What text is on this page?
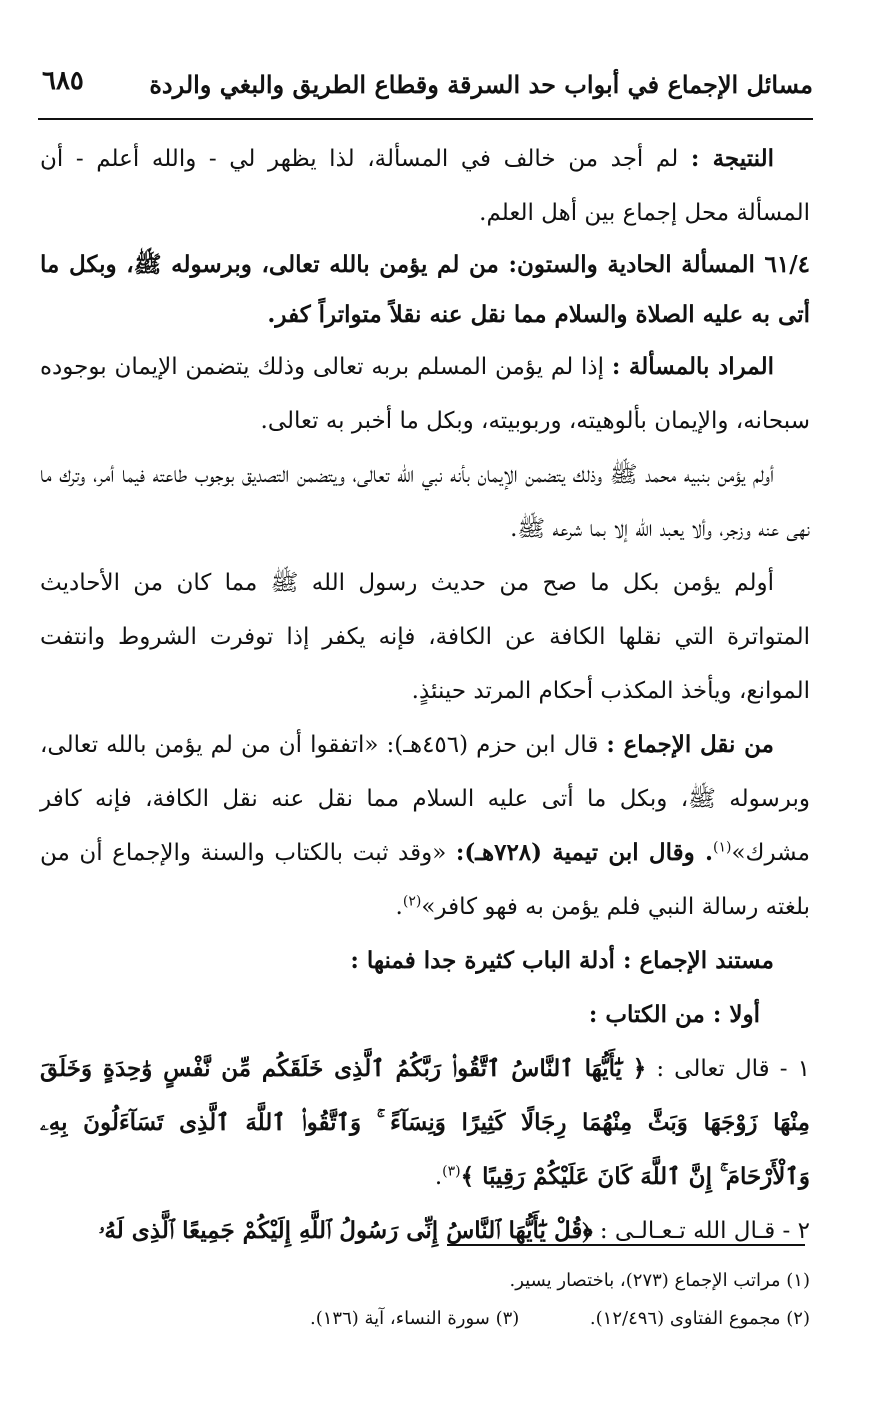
مسائل الإجماع في أبواب حد السرقة وقطاع الطريق والبغي والردة
٦٨٥

النتيجة : لم أجد من خالف في المسألة، لذا يظهر لي - والله أعلم - أن المسألة محل إجماع بين أهل العلم.

٦١/٤ المسألة الحادية والستون: من لم يؤمن بالله تعالى، وبرسوله ﷺ، وبكل ما أتى به عليه الصلاة والسلام مما نقل عنه نقلاً متواتراً كفر.

المراد بالمسألة : إذا لم يؤمن المسلم بربه تعالى وذلك يتضمن الإيمان بوجوده سبحانه، والإيمان بألوهيته، وربوبيته، وبكل ما أخبر به تعالى.

أولم يؤمن بنبيه محمد ﷺ وذلك يتضمن الإيمان بأنه نبي الله تعالى، ويتضمن التصديق بوجوب طاعته فيما أمر، وترك ما نهى عنه وزجر، وألا يعبد الله إلا بما شرعه ﷺ.

أولم يؤمن بكل ما صح من حديث رسول الله ﷺ مما كان من الأحاديث المتواترة التي نقلها الكافة عن الكافة، فإنه يكفر إذا توفرت الشروط وانتفت الموانع، ويأخذ المكذب أحكام المرتد حينئذٍ.

من نقل الإجماع : قال ابن حزم (٤٥٦هـ): «اتفقوا أن من لم يؤمن بالله تعالى، وبرسوله ﷺ، وبكل ما أتى عليه السلام مما نقل عنه نقل الكافة، فإنه كافر مشرك»$^{(١)}$. وقال ابن تيمية (٧٢٨هـ): «وقد ثبت بالكتاب والسنة والإجماع أن من بلغته رسالة النبي فلم يؤمن به فهو كافر»$^{(٢)}$.

مستند الإجماع : أدلة الباب كثيرة جدا فمنها :

أولا : من الكتاب :

١ - قال تعالى : ﴿ يَٰٓأَيُّهَا ٱلنَّاسُ ٱتَّقُوا۟ رَبَّكُمُ ٱلَّذِى خَلَقَكُم مِّن نَّفْسٍ وَٰحِدَةٍ وَخَلَقَ مِنْهَا زَوْجَهَا وَبَثَّ مِنْهُمَا رِجَالًا كَثِيرًا وَنِسَآءً ۚ وَٱتَّقُوا۟ ٱللَّهَ ٱلَّذِى تَسَآءَلُونَ بِهِۦ وَٱلْأَرْحَامَ ۚ إِنَّ ٱللَّهَ كَانَ عَلَيْكُمْ رَقِيبًا ﴾$^{(٣)}$.

٢ - قـال الله تـعـالـى : ﴿قُلْ يَٰٓأَيُّهَا ٱلنَّاسُ إِنِّى رَسُولُ ٱللَّهِ إِلَيْكُمْ جَمِيعًا ٱلَّذِى لَهُۥ

(١) مراتب الإجماع (٢٧٣)، باختصار يسير.
(٢) مجموع الفتاوى (١٢/٤٩٦).
(٣) سورة النساء، آية (١٣٦).
